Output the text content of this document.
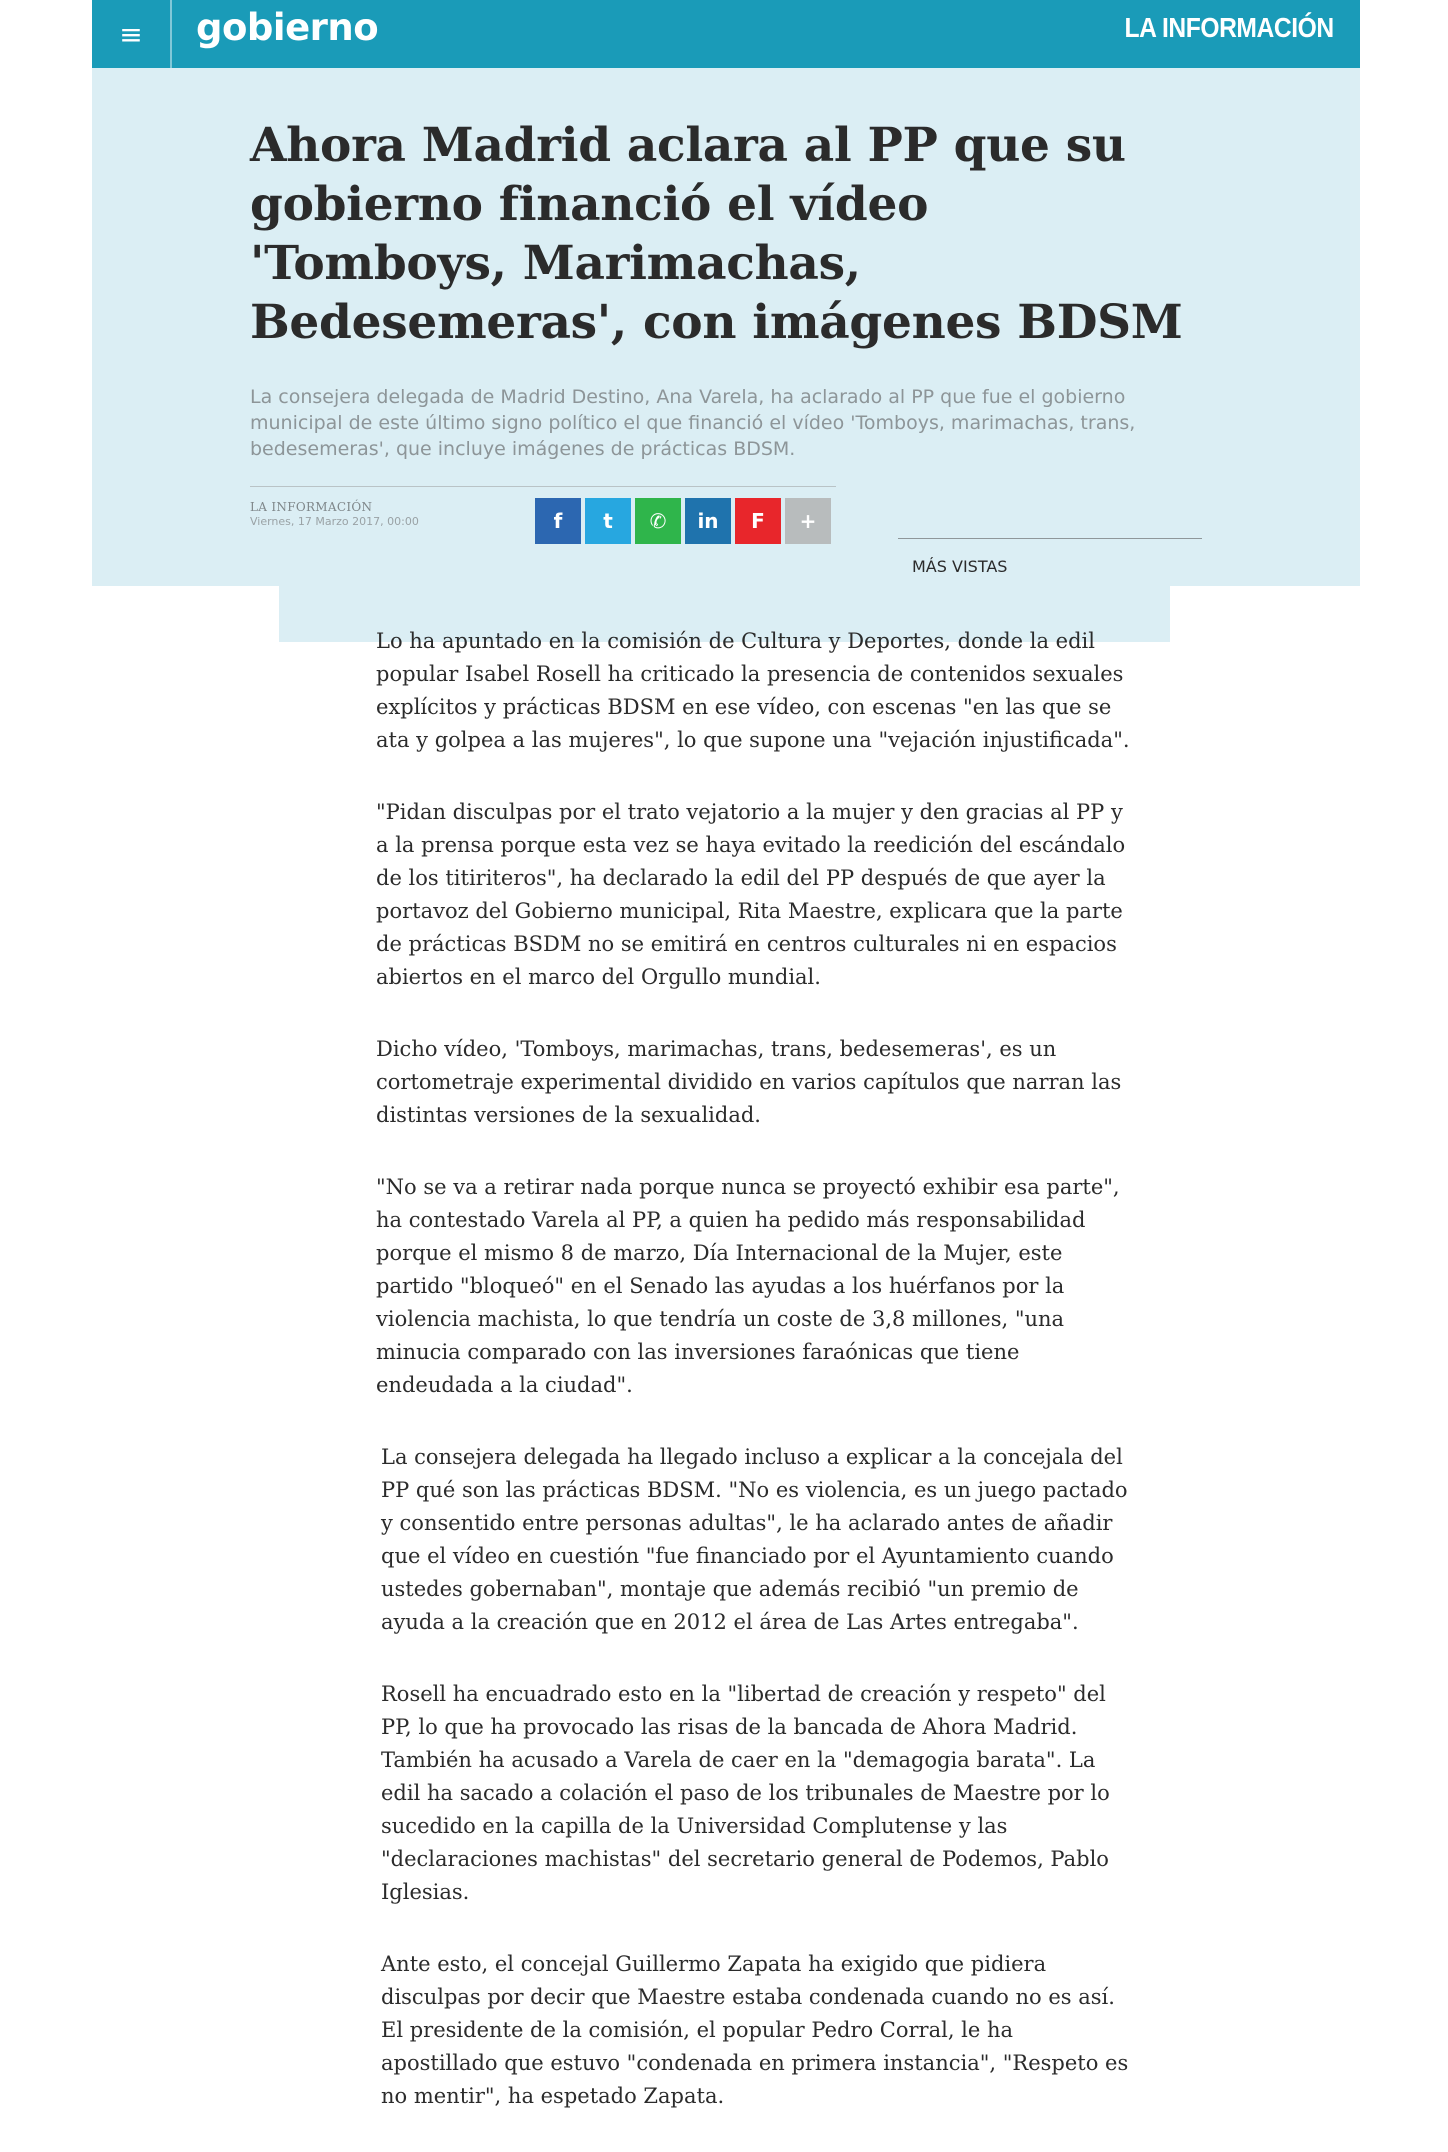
≡	gobierno	LA INFORMACIÓN
Ahora Madrid aclara al PP que su gobierno financió el vídeo 'Tomboys, Marimachas, Bedesemeras', con imágenes BDSM

La consejera delegada de Madrid Destino, Ana Varela, ha aclarado al PP que fue el gobierno municipal de este último signo político el que financió el vídeo 'Tomboys, marimachas, trans, bedesemeras', que incluye imágenes de prácticas BDSM.

LA INFORMACIÓN
Viernes, 17 Marzo 2017, 00:00	f	t	✆	in	F	+
MÁS VISTAS

Lo ha apuntado en la comisión de Cultura y Deportes, donde la edil popular Isabel Rosell ha criticado la presencia de contenidos sexuales explícitos y prácticas BDSM en ese vídeo, con escenas "en las que se ata y golpea a las mujeres", lo que supone una "vejación injustificada".

"Pidan disculpas por el trato vejatorio a la mujer y den gracias al PP y a la prensa porque esta vez se haya evitado la reedición del escándalo de los titiriteros", ha declarado la edil del PP después de que ayer la portavoz del Gobierno municipal, Rita Maestre, explicara que la parte de prácticas BSDM no se emitirá en centros culturales ni en espacios abiertos en el marco del Orgullo mundial.

Dicho vídeo, 'Tomboys, marimachas, trans, bedesemeras', es un cortometraje experimental dividido en varios capítulos que narran las distintas versiones de la sexualidad.

"No se va a retirar nada porque nunca se proyectó exhibir esa parte", ha contestado Varela al PP, a quien ha pedido más responsabilidad porque el mismo 8 de marzo, Día Internacional de la Mujer, este partido "bloqueó" en el Senado las ayudas a los huérfanos por la violencia machista, lo que tendría un coste de 3,8 millones, "una minucia comparado con las inversiones faraónicas que tiene endeudada a la ciudad".

La consejera delegada ha llegado incluso a explicar a la concejala del PP qué son las prácticas BDSM. "No es violencia, es un juego pactado y consentido entre personas adultas", le ha aclarado antes de añadir que el vídeo en cuestión "fue financiado por el Ayuntamiento cuando ustedes gobernaban", montaje que además recibió "un premio de ayuda a la creación que en 2012 el área de Las Artes entregaba".

Rosell ha encuadrado esto en la "libertad de creación y respeto" del PP, lo que ha provocado las risas de la bancada de Ahora Madrid. También ha acusado a Varela de caer en la "demagogia barata". La edil ha sacado a colación el paso de los tribunales de Maestre por lo sucedido en la capilla de la Universidad Complutense y las "declaraciones machistas" del secretario general de Podemos, Pablo Iglesias.

Ante esto, el concejal Guillermo Zapata ha exigido que pidiera disculpas por decir que Maestre estaba condenada cuando no es así. El presidente de la comisión, el popular Pedro Corral, le ha apostillado que estuvo "condenada en primera instancia", "Respeto es no mentir", ha espetado Zapata.
